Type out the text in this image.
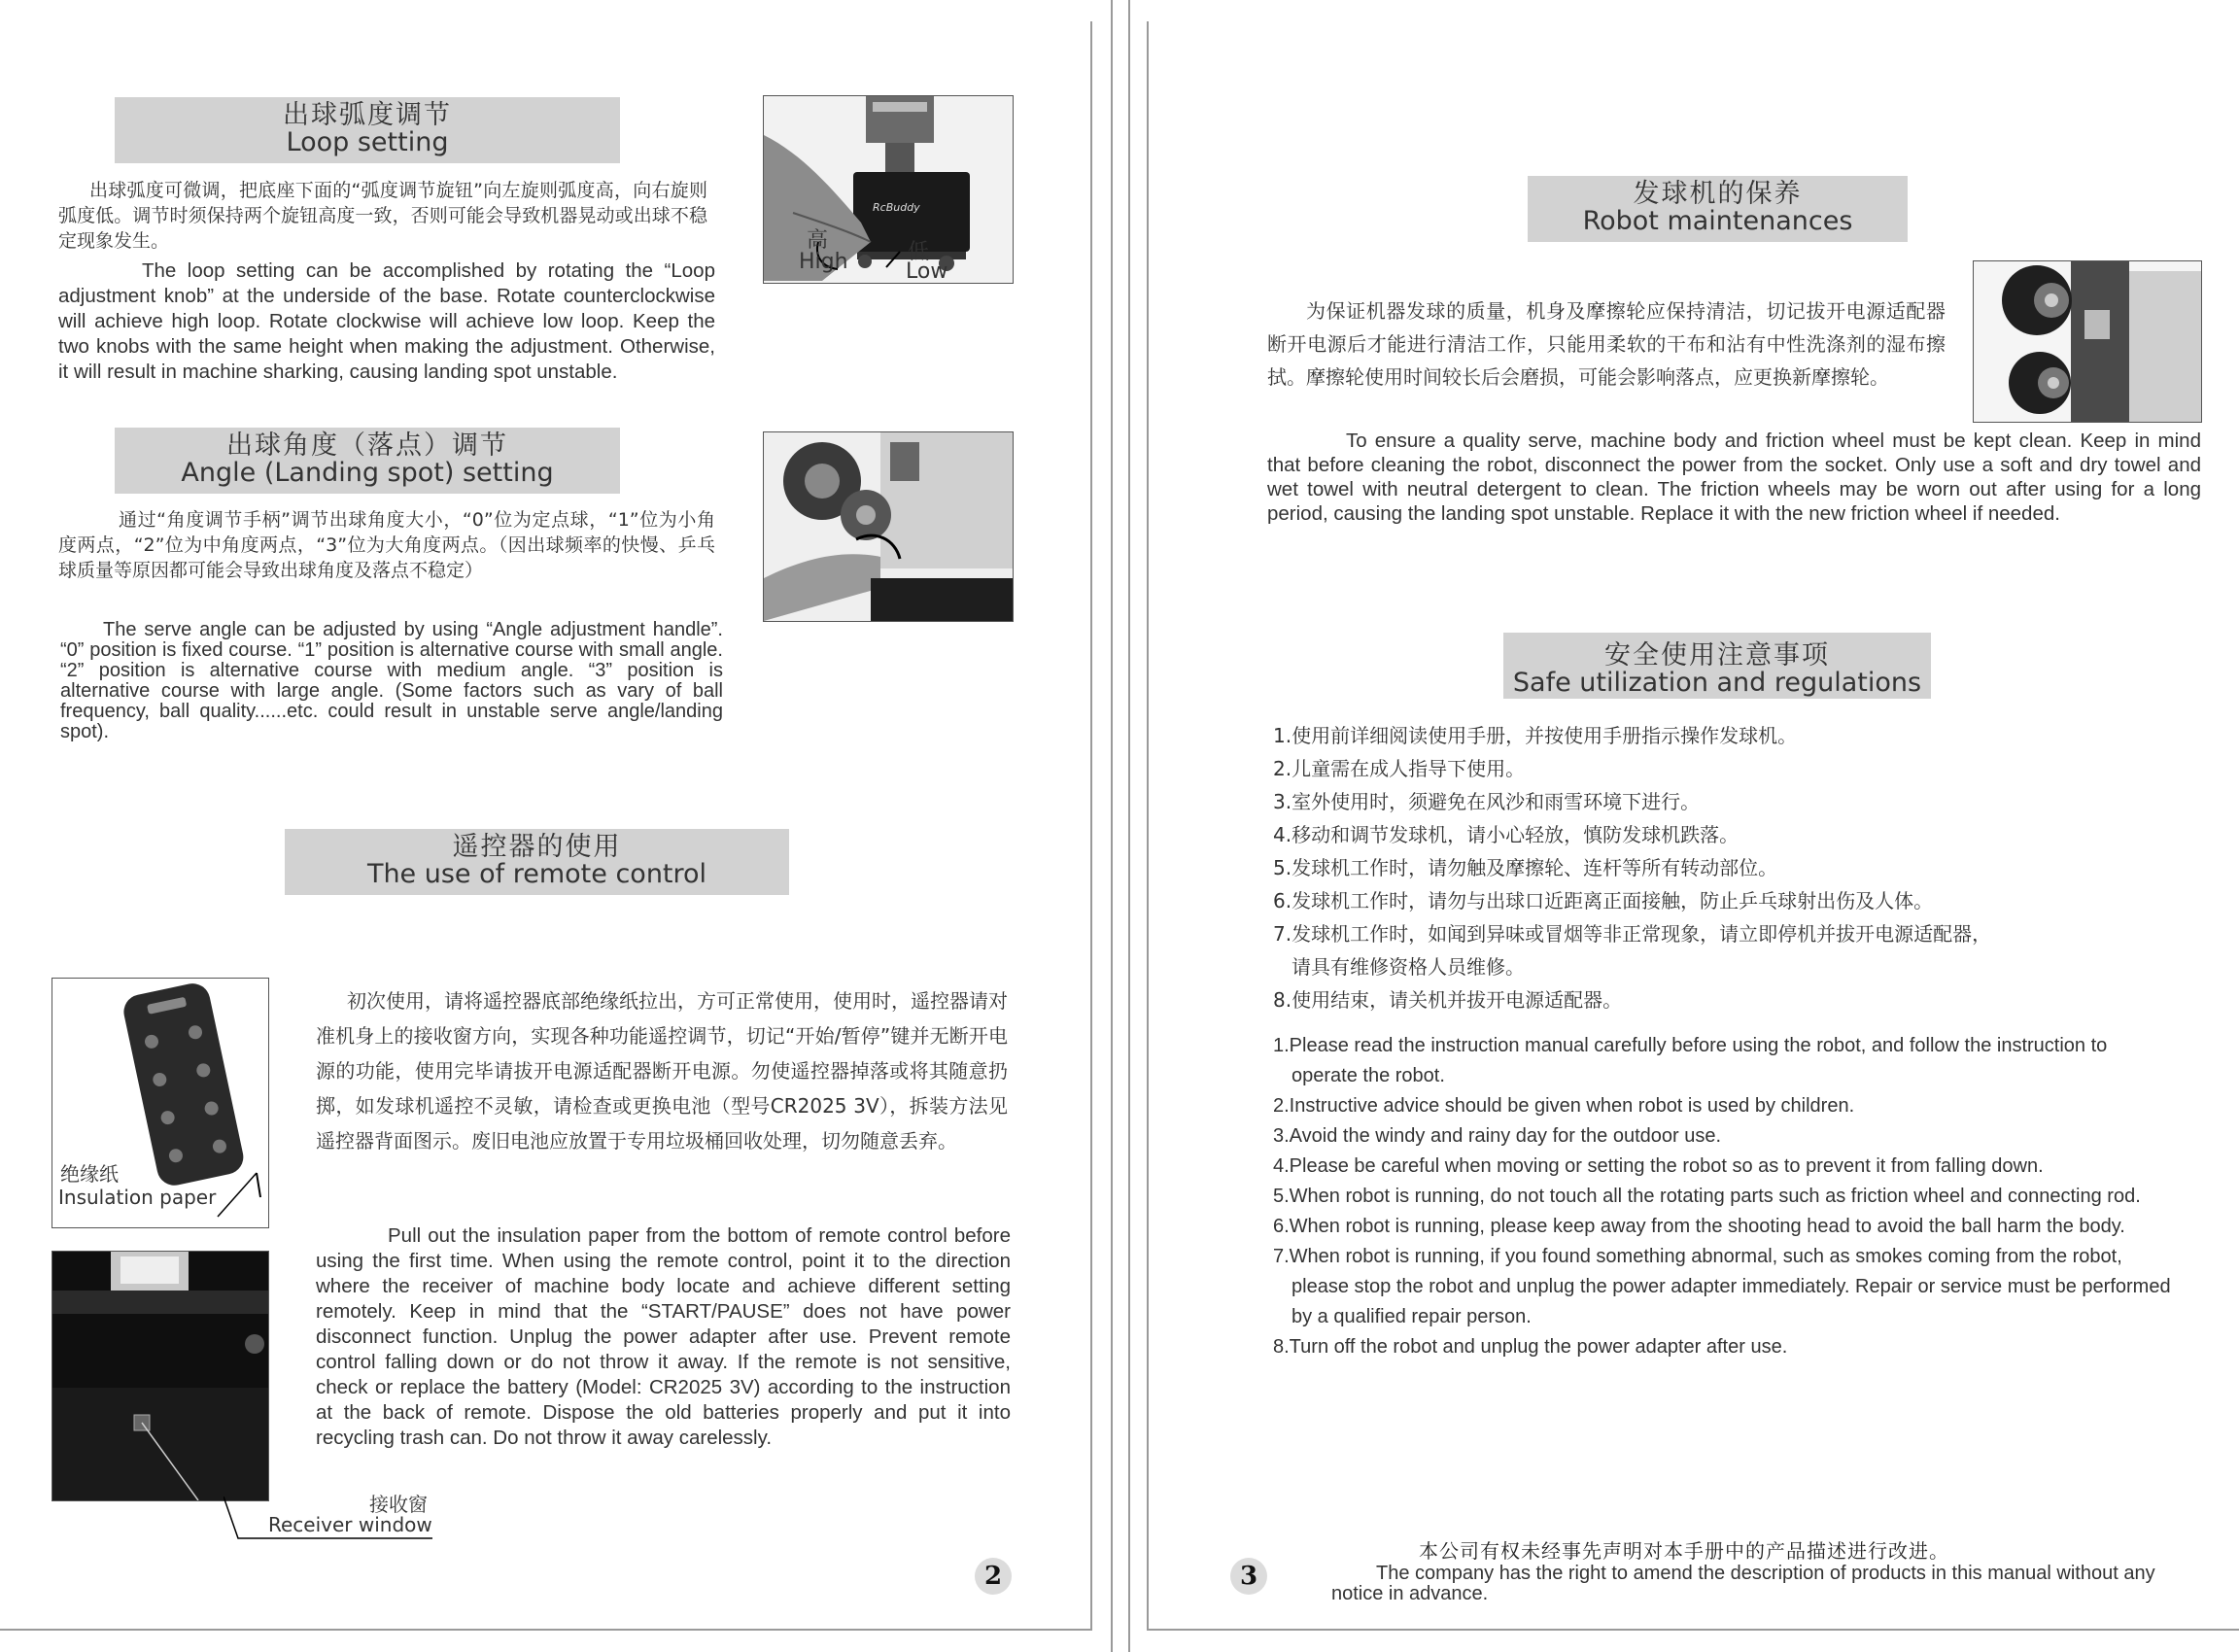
出球弧度调节
Loop setting
出球弧度可微调，把底座下面的“弧度调节旋钮”向左旋则弧度高，向右旋则弧度低。调节时须保持两个旋钮高度一致，否则可能会导致机器晃动或出球不稳定现象发生。
The loop setting can be accomplished by rotating the “Loop adjustment knob” at the underside of the base. Rotate counterclockwise will achieve high loop. Rotate clockwise will achieve low loop. Keep the two knobs with the same height when making the adjustment. Otherwise, it will result in machine sharking, causing landing spot unstable.
RcBuddy
高
High	低
Low
出球角度（落点）调节
Angle (Landing spot) setting
通过“角度调节手柄”调节出球角度大小，“0”位为定点球，“1”位为小角度两点，“2”位为中角度两点，“3”位为大角度两点。（因出球频率的快慢、乒乓球质量等原因都可能会导致出球角度及落点不稳定）
The serve angle can be adjusted by using “Angle adjustment handle”. “0” position is fixed course. “1” position is alternative course with small angle. “2” position is alternative course with medium angle. “3” position is alternative course with large angle. (Some factors such as vary of ball frequency, ball quality......etc. could result in unstable serve angle/landing spot).
遥控器的使用
The use of remote control
初次使用，请将遥控器底部绝缘纸拉出，方可正常使用，使用时，遥控器请对准机身上的接收窗方向，实现各种功能遥控调节，切记“开始/暂停”键并无断开电源的功能，使用完毕请拔开电源适配器断开电源。勿使遥控器掉落或将其随意扔掷，如发球机遥控不灵敏，请检查或更换电池（型号CR2025 3V），拆装方法见遥控器背面图示。废旧电池应放置于专用垃圾桶回收处理，切勿随意丢弃。
Pull out the insulation paper from the bottom of remote control before using the first time. When using the remote control, point it to the direction where the receiver of machine body locate and achieve different setting remotely. Keep in mind that the “START/PAUSE” does not have power disconnect function. Unplug the power adapter after use. Prevent remote control falling down or do not throw it away. If the remote is not sensitive, check or replace the battery (Model: CR2025 3V) according to the instruction at the back of remote. Dispose the old batteries properly and put it into recycling trash can. Do not throw it away carelessly.
绝缘纸
Insulation paper
接收窗
Receiver window
2
发球机的保养
Robot maintenances
为保证机器发球的质量，机身及摩擦轮应保持清洁，切记拔开电源适配器断开电源后才能进行清洁工作，只能用柔软的干布和沾有中性洗涤剂的湿布擦拭。摩擦轮使用时间较长后会磨损，可能会影响落点，应更换新摩擦轮。
To ensure a quality serve, machine body and friction wheel must be kept clean. Keep in mind that before cleaning the robot, disconnect the power from the socket. Only use a soft and dry towel and wet towel with neutral detergent to clean. The friction wheels may be worn out after using for a long period, causing the landing spot unstable. Replace it with the new friction wheel if needed.
安全使用注意事项
Safe utilization and regulations
1.使用前详细阅读使用手册，并按使用手册指示操作发球机。
2.儿童需在成人指导下使用。
3.室外使用时，须避免在风沙和雨雪环境下进行。
4.移动和调节发球机，请小心轻放，慎防发球机跌落。
5.发球机工作时，请勿触及摩擦轮、连杆等所有转动部位。
6.发球机工作时，请勿与出球口近距离正面接触，防止乒乓球射出伤及人体。
7.发球机工作时，如闻到异味或冒烟等非正常现象，请立即停机并拔开电源适配器，
请具有维修资格人员维修。
8.使用结束，请关机并拔开电源适配器。
1.Please read the instruction manual carefully before using the robot, and follow the instruction to operate the robot.
2.Instructive advice should be given when robot is used by children.
3.Avoid the windy and rainy day for the outdoor use.
4.Please be careful when moving or setting the robot so as to prevent it from falling down.
5.When robot is running, do not touch all the rotating parts such as friction wheel and connecting rod.
6.When robot is running, please keep away from the shooting head to avoid the ball harm the body.
7.When robot is running, if you found something abnormal, such as smokes coming from the robot, please stop the robot and unplug the power adapter immediately. Repair or service must be performed by a qualified repair person.
8.Turn off the robot and unplug the power adapter after use.
3
本公司有权未经事先声明对本手册中的产品描述进行改进。
The company has the right to amend the description of products in this manual without any notice in advance.
